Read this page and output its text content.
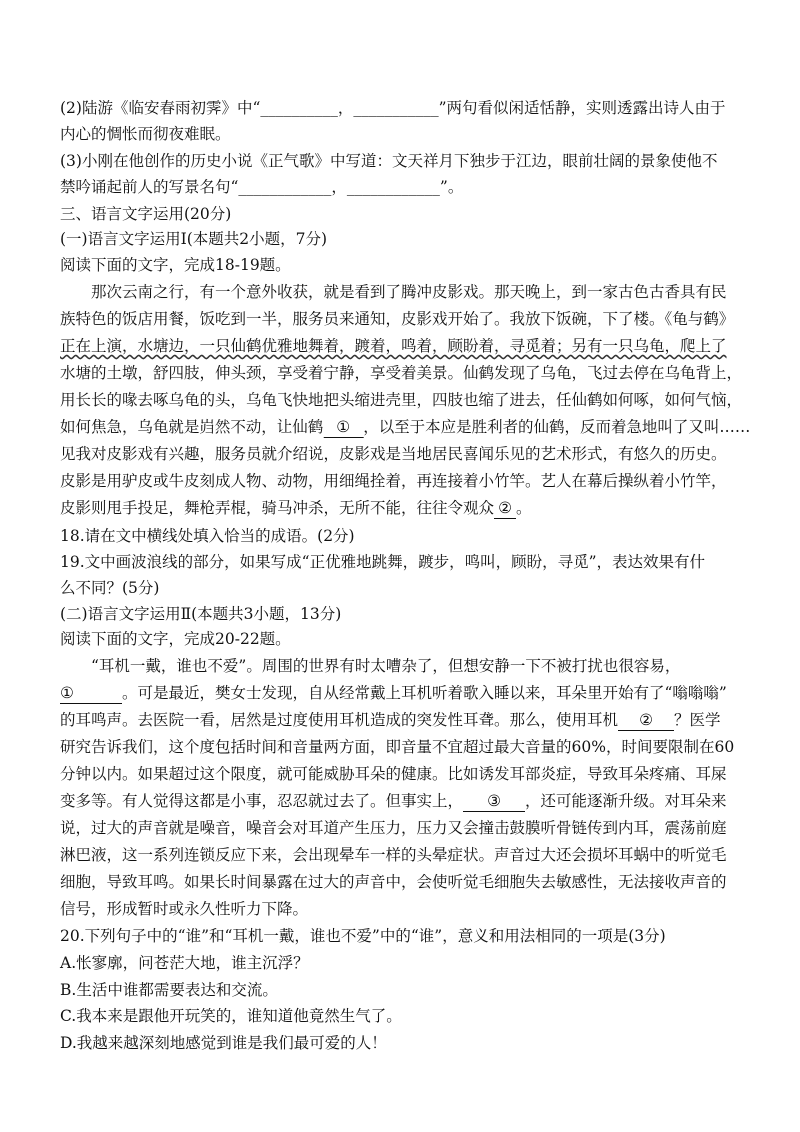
(2)陆游《临安春雨初霁》中“__________，___________”两句看似闲适恬静，实则透露出诗人由于
内心的惆怅而彻夜难眠。
(3)小刚在他创作的历史小说《正气歌》中写道：文天祥月下独步于江边，眼前壮阔的景象使他不
禁吟诵起前人的写景名句“____________，____________”。
三、语言文字运用(20分)
(一)语言文字运用Ⅰ(本题共2小题，7分)
阅读下面的文字，完成18-19题。
　　那次云南之行，有一个意外收获，就是看到了腾冲皮影戏。那天晚上，到一家古色古香具有民
族特色的饭店用餐，饭吃到一半，服务员来通知，皮影戏开始了。我放下饭碗，下了楼。《龟与鹤》
正在上演，水塘边，一只仙鹤优雅地舞着，踱着，鸣着，顾盼着，寻觅着；另有一只乌龟，爬上了
水塘的土墩，舒四肢，伸头颈，享受着宁静，享受着美景。仙鹤发现了乌龟，飞过去停在乌龟背上，
用长长的喙去啄乌龟的头，乌龟飞快地把头缩进壳里，四肢也缩了进去，任仙鹤如何啄，如何气恼，
如何焦急，乌龟就是岿然不动，让仙鹤 ① ，以至于本应是胜利者的仙鹤，反而着急地叫了又叫……
见我对皮影戏有兴趣，服务员就介绍说，皮影戏是当地居民喜闻乐见的艺术形式，有悠久的历史。
皮影是用驴皮或牛皮刻成人物、动物，用细绳拴着，再连接着小竹竿。艺人在幕后操纵着小竹竿，
皮影则甩手投足，舞枪弄棍，骑马冲杀，无所不能，往往令观众 ② 。
18.请在文中横线处填入恰当的成语。(2分)
19.文中画波浪线的部分，如果写成“正优雅地跳舞，踱步，鸣叫，顾盼，寻觅”，表达效果有什
么不同？(5分)
(二)语言文字运用Ⅱ(本题共3小题，13分)
阅读下面的文字，完成20-22题。
　　“耳机一戴，谁也不爱”。周围的世界有时太嘈杂了，但想安静一下不被打扰也很容易，
①	。可是最近，樊女士发现，自从经常戴上耳机听着歌入睡以来，耳朵里开始有了“嗡嗡嗡”
的耳鸣声。去医院一看，居然是过度使用耳机造成的突发性耳聋。那么，使用耳机 ② ？医学
研究告诉我们，这个度包括时间和音量两方面，即音量不宜超过最大音量的60%，时间要限制在60
分钟以内。如果超过这个限度，就可能威胁耳朵的健康。比如诱发耳部炎症，导致耳朵疼痛、耳屎
变多等。有人觉得这都是小事，忍忍就过去了。但事实上， ③ ，还可能逐渐升级。对耳朵来
说，过大的声音就是噪音，噪音会对耳道产生压力，压力又会撞击鼓膜听骨链传到内耳，震荡前庭
淋巴液，这一系列连锁反应下来，会出现晕车一样的头晕症状。声音过大还会损坏耳蜗中的听觉毛
细胞，导致耳鸣。如果长时间暴露在过大的声音中，会使听觉毛细胞失去敏感性，无法接收声音的
信号，形成暂时或永久性听力下降。
20.下列句子中的“谁”和“耳机一戴，谁也不爱”中的“谁”，意义和用法相同的一项是(3分)
A.怅寥廓，问苍茫大地，谁主沉浮？
B.生活中谁都需要表达和交流。
C.我本来是跟他开玩笑的，谁知道他竟然生气了。
D.我越来越深刻地感觉到谁是我们最可爱的人！
